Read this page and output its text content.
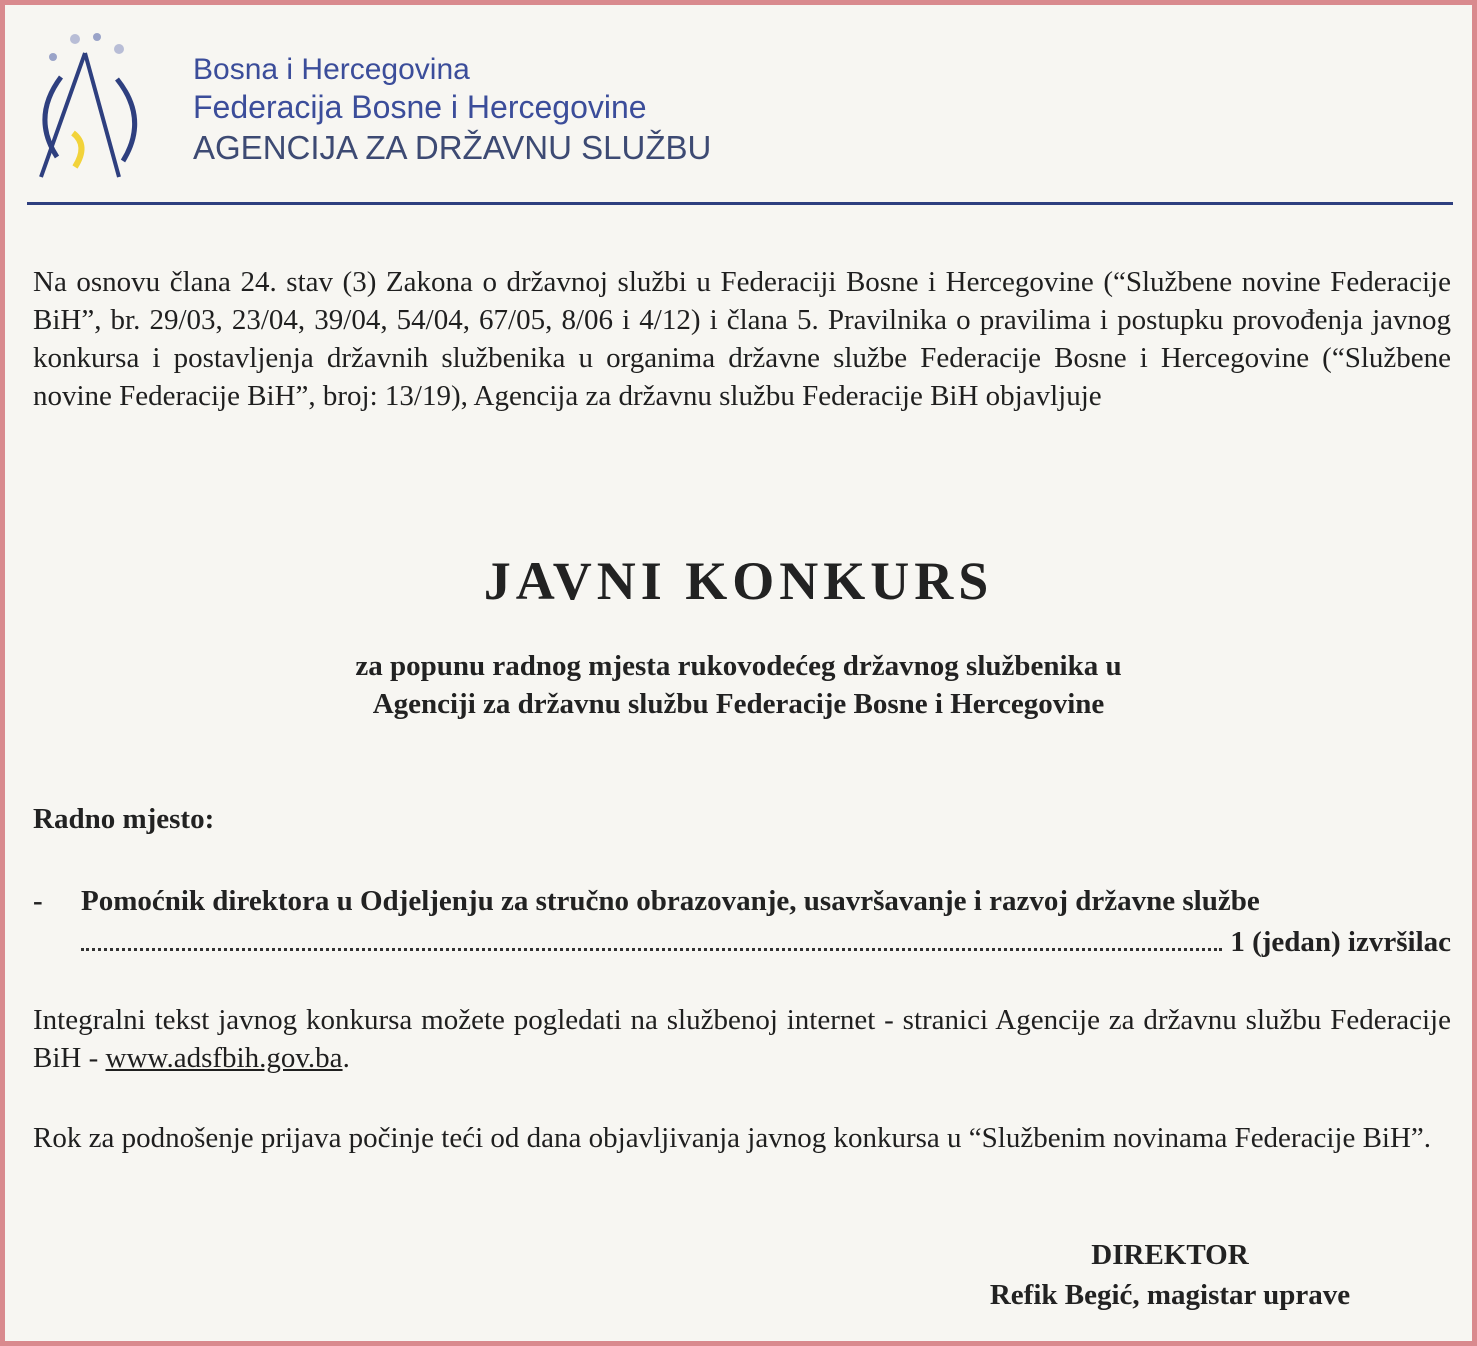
Bosna i Hercegovina
Federacija Bosne i Hercegovine
AGENCIJA ZA DRŽAVNU SLUŽBU
Na osnovu člana 24. stav (3) Zakona o državnoj službi u Federaciji Bosne i Hercegovine (“Službene novine Federacije BiH”, br. 29/03, 23/04, 39/04, 54/04, 67/05, 8/06 i 4/12) i člana 5. Pravilnika o pravilima i postupku provođenja javnog konkursa i postavljenja državnih službenika u organima državne službe Federacije Bosne i Hercegovine (“Službene novine Federacije BiH”, broj: 13/19), Agencija za državnu službu Federacije BiH objavljuje
JAVNI KONKURS
za popunu radnog mjesta rukovodećeg državnog službenika u
Agenciji za državnu službu Federacije Bosne i Hercegovine
Radno mjesto:
- Pomoćnik direktora u Odjeljenju za stručno obrazovanje, usavršavanje i razvoj državne službe
1 (jedan) izvršilac
Integralni tekst javnog konkursa možete pogledati na službenoj internet - stranici Agencije za državnu službu Federacije BiH - www.adsfbih.gov.ba.
Rok za podnošenje prijava počinje teći od dana objavljivanja javnog konkursa u “Službenim novinama Federacije BiH”.
DIREKTOR
Refik Begić, magistar uprave
